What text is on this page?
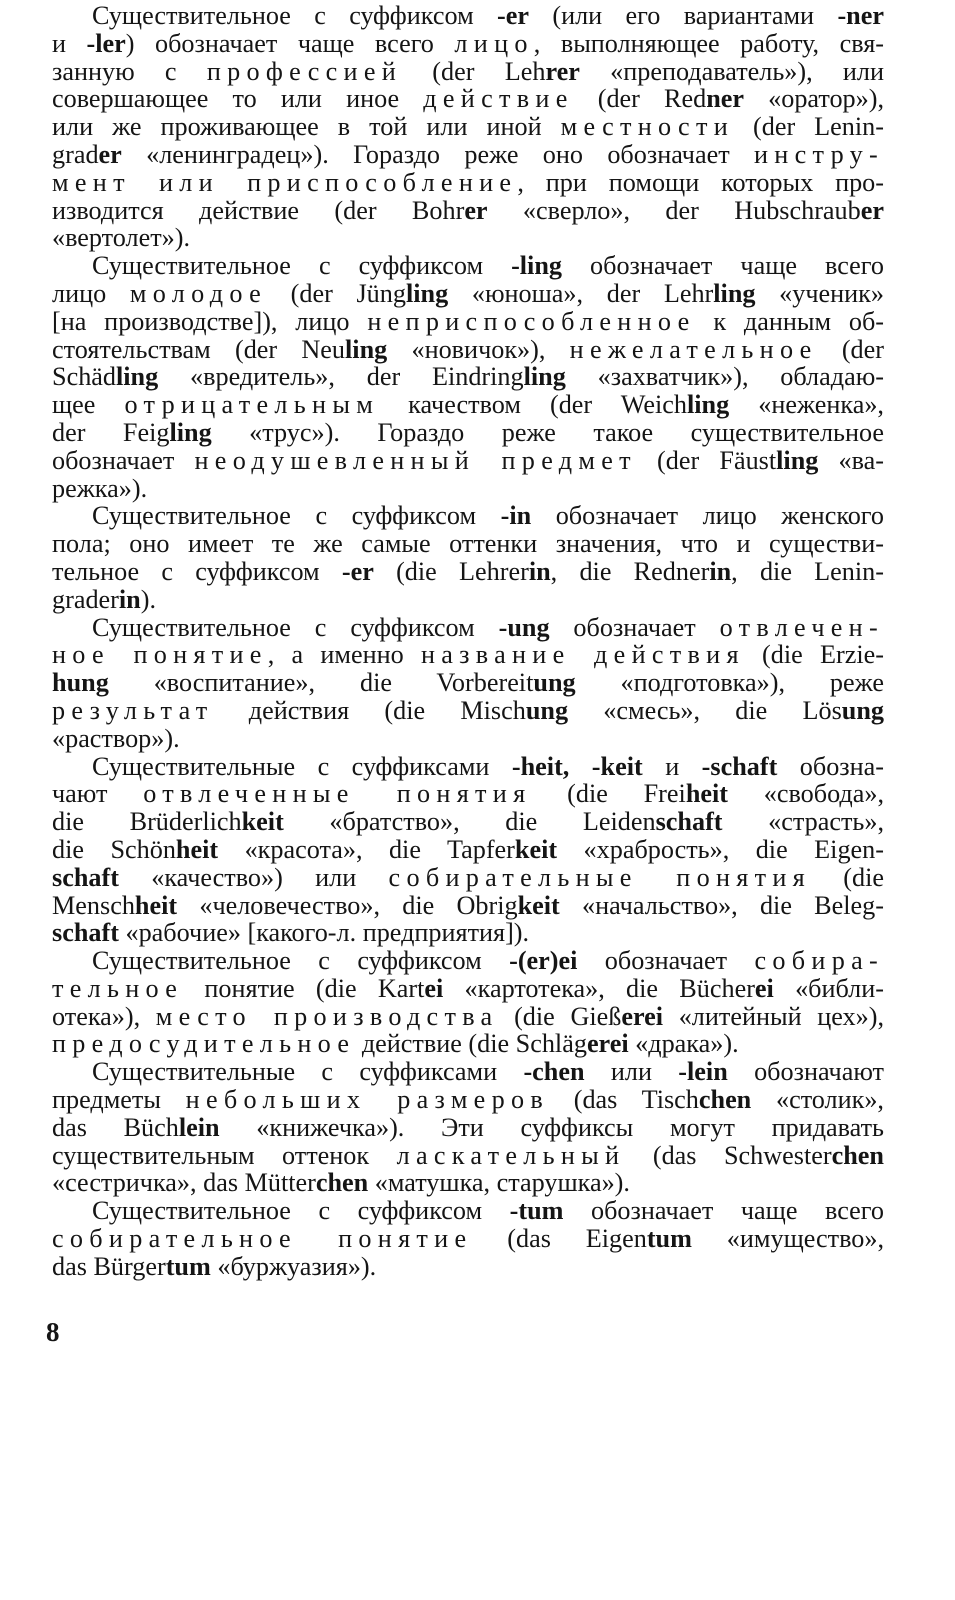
Существительное с суффиксом -er (или его вариантами -ner
и -ler) обозначает чаще всего лицо, выполняющее работу, свя-
занную с профессией (der Lehrer «преподаватель»), или
совершающее то или иное действие (der Redner «оратор»),
или же проживающее в той или иной местности (der Lenin-
grader «ленинградец»). Гораздо реже оно обозначает инстру-
мент или приспособление, при помощи которых про-
изводится действие (der Bohrer «сверло», der Hubschrauber
«вертолет»).
Существительное с суффиксом -ling обозначает чаще всего
лицо молодое (der Jüngling «юноша», der Lehrling «ученик»
[на производстве]), лицо неприспособленное к данным об-
стоятельствам (der Neuling «новичок»), нежелательное (der
Schädling «вредитель», der Eindringling «захватчик»), обладаю-
щее отрицательным качеством (der Weichling «неженка»,
der Feigling «трус»). Гораздо реже такое существительное
обозначает неодушевленный предмет (der Fäustling «ва-
режка»).
Существительное с суффиксом -in обозначает лицо женского
пола; оно имеет те же самые оттенки значения, что и существи-
тельное с суффиксом -er (die Lehrerin, die Rednerin, die Lenin-
graderin).
Существительное с суффиксом -ung обозначает отвлечен-
ное понятие, а именно название действия (die Erzie-
hung «воспитание», die Vorbereitung «подготовка»), реже
результат действия (die Mischung «смесь», die Lösung
«раствор»).
Существительные с суффиксами -heit, -keit и -schaft обозна-
чают отвлеченные понятия (die Freiheit «свобода»,
die Brüderlichkeit «братство», die Leidenschaft «страсть»,
die Schönheit «красота», die Tapferkeit «храбрость», die Eigen-
schaft «качество») или собирательные понятия (die
Menschheit «человечество», die Obrigkeit «начальство», die Beleg-
schaft «рабочие» [какого-л. предприятия]).
Существительное с суффиксом -(er)ei обозначает собира-
тельное понятие (die Kartei «картотека», die Bücherei «библи-
отека»), место производства (die Gießerei «литейный цех»),
предосудительное действие (die Schlägerei «драка»).
Существительные с суффиксами -chen или -lein обозначают
предметы небольших размеров (das Tischchen «столик»,
das Büchlein «книжечка»). Эти суффиксы могут придавать
существительным оттенок ласкательный (das Schwesterchen
«сестричка», das Mütterchen «матушка, старушка»).
Существительное с суффиксом -tum обозначает чаще всего
собирательное понятие (das Eigentum «имущество»,
das Bürgertum «буржуазия»).
8
